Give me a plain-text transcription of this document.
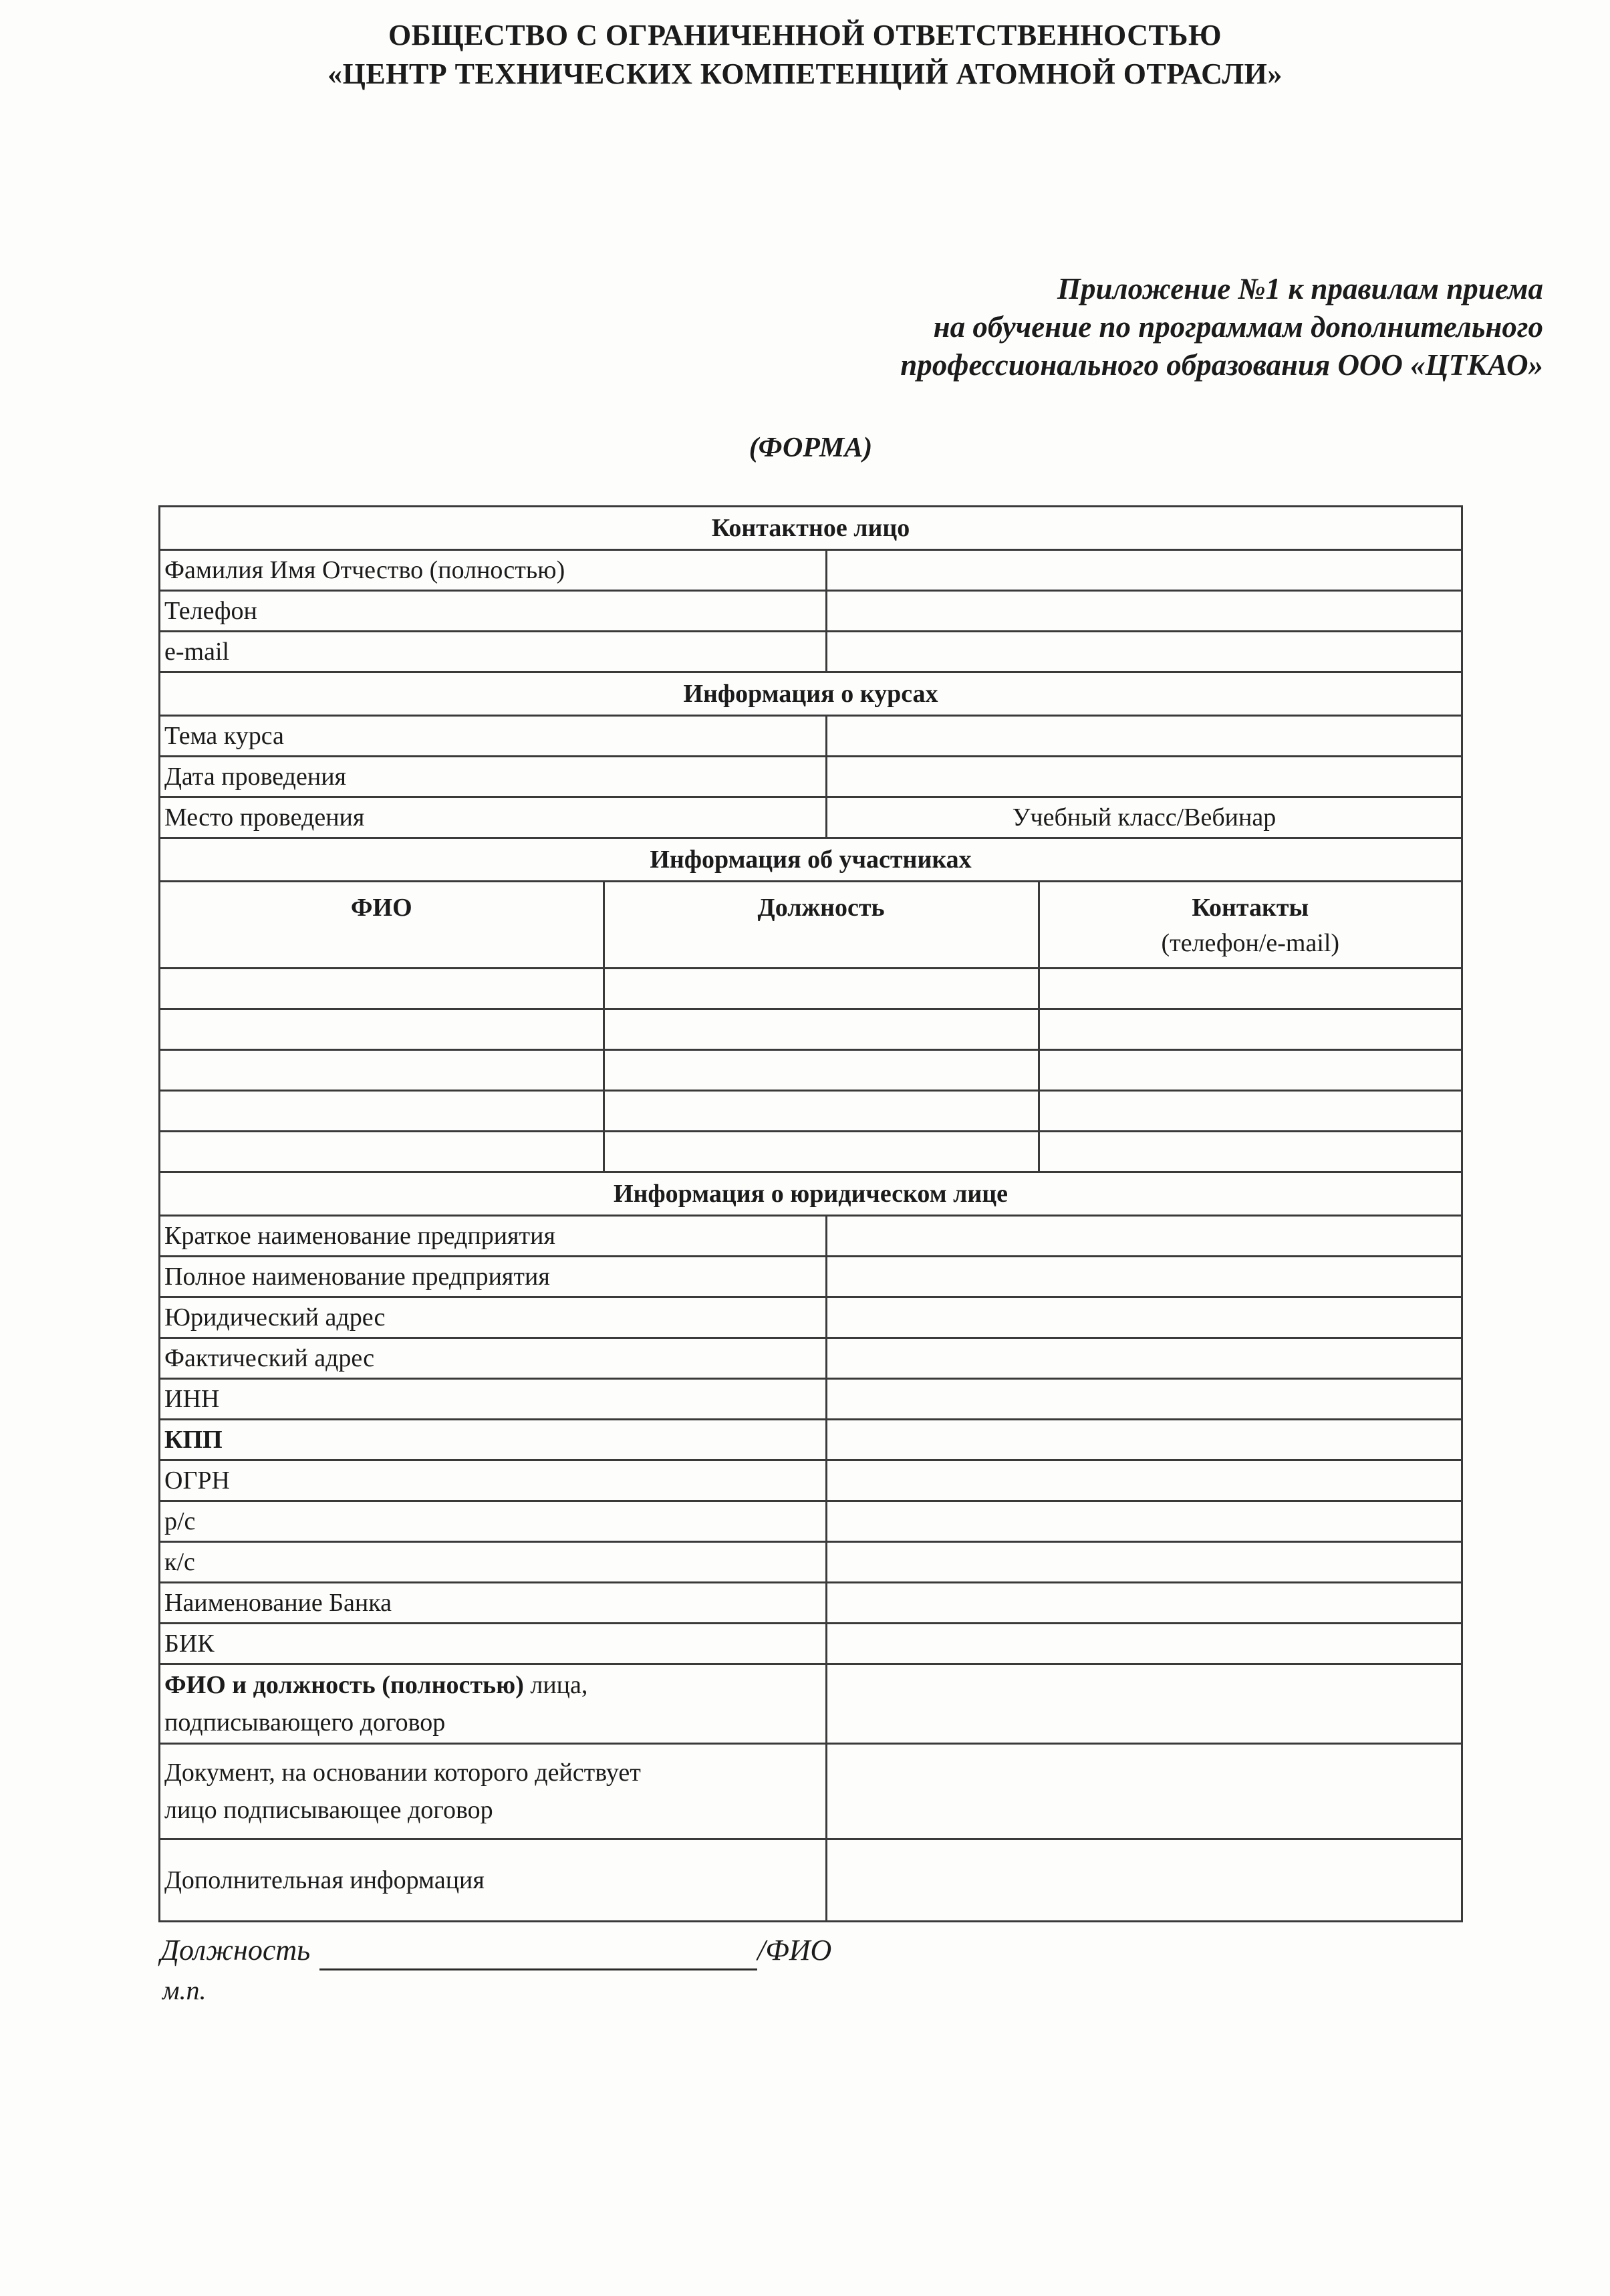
ОБЩЕСТВО С ОГРАНИЧЕННОЙ ОТВЕТСТВЕННОСТЬЮ
«ЦЕНТР ТЕХНИЧЕСКИХ КОМПЕТЕНЦИЙ АТОМНОЙ ОТРАСЛИ»
Приложение №1 к правилам приема
на обучение по программам дополнительного
профессионального образования ООО «ЦТКАО»
(ФОРМА)
Контактное лицо			
Фамилия Имя Отчество (полностью)			
Телефон			
e-mail			
Информация о курсах			
Тема курса			
Дата проведения			
Место проведения		Учебный класс/Вебинар	
Информация об участниках			
ФИО	Должность		Контакты
(телефон/e-mail)

Информация о юридическом лице			
Краткое наименование предприятия			
Полное наименование предприятия			
Юридический адрес			
Фактический адрес			
ИНН			
КПП			
ОГРН			
р/с			
к/с			
Наименование Банка			
БИК			
ФИО и должность (полностью) лица,
подписывающего договор			
Документ, на основании которого действует
лицо подписывающее договор			
Дополнительная информация			
Должность	/ФИО
м.п.
